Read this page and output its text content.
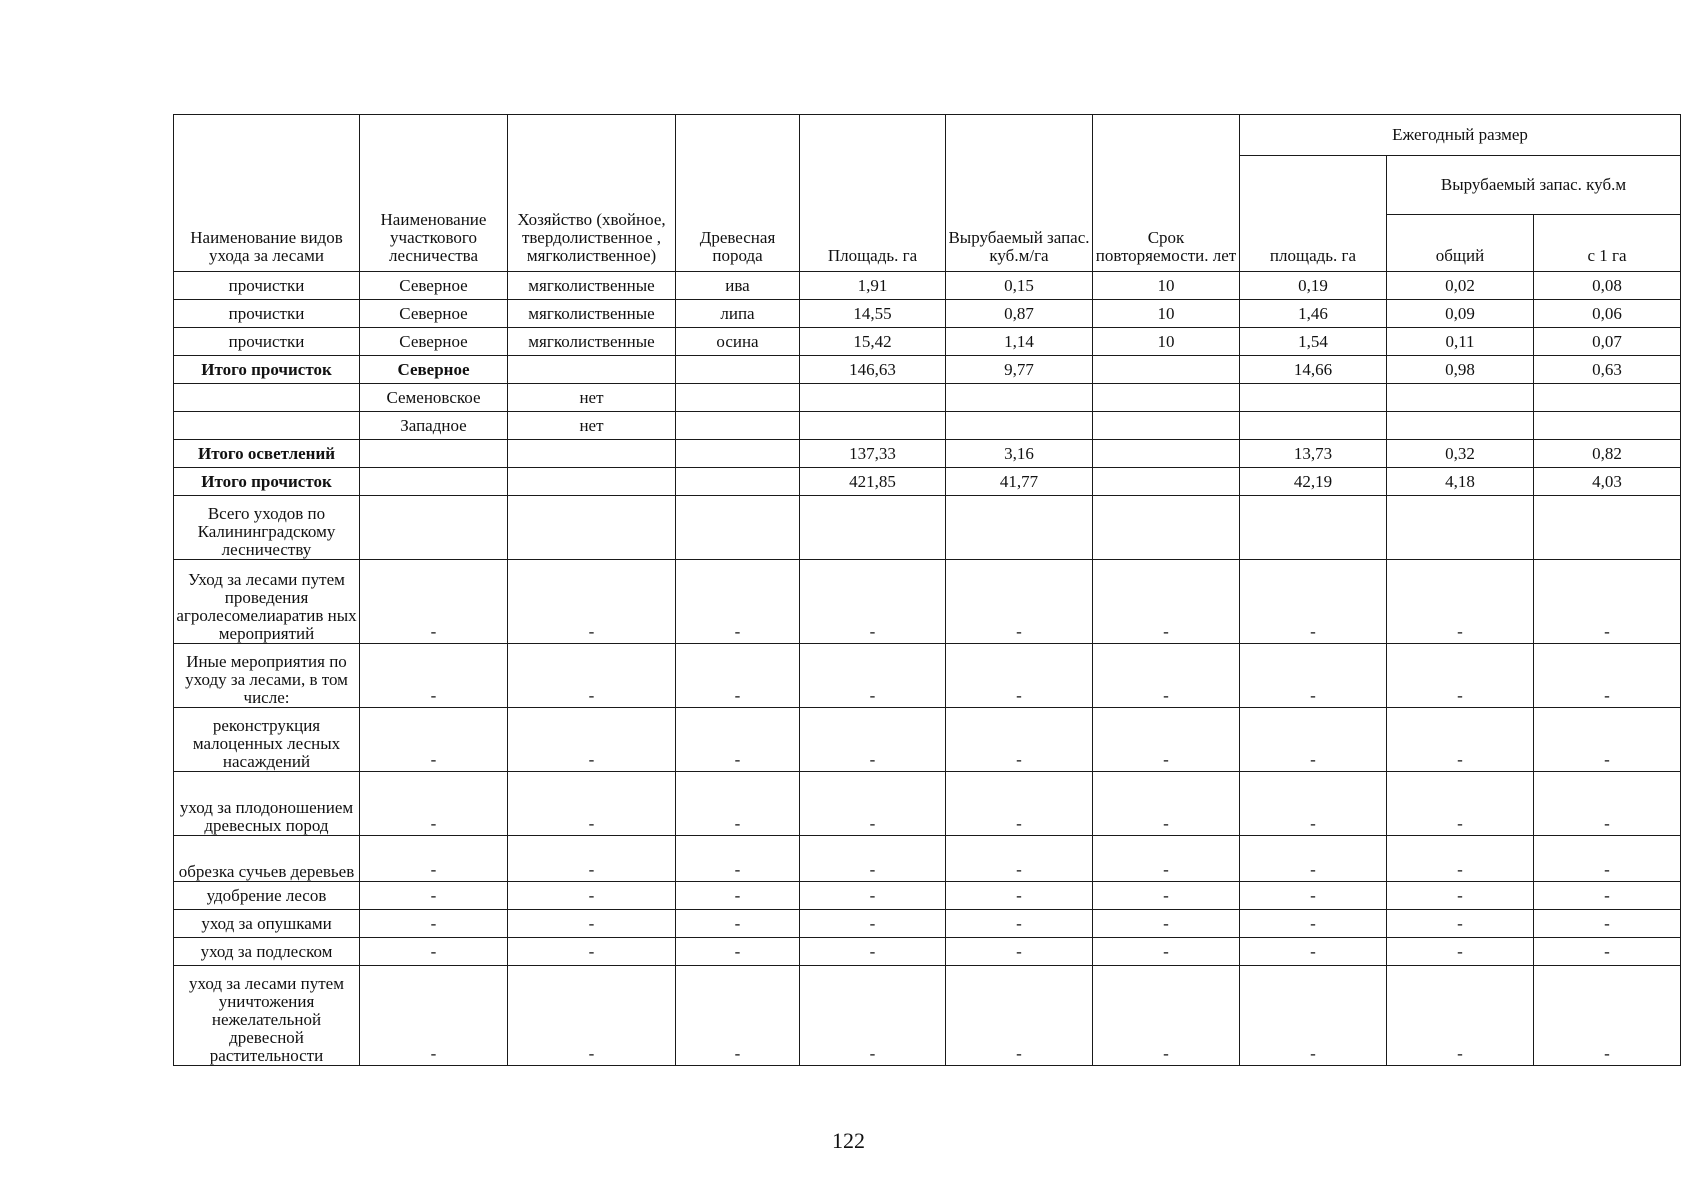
Наименование видов ухода за лесами	Наименование участкового лесничества	Хозяйство (хвойное, твердолиственное , мягколиственное)	Древесная порода	Площадь. га	Вырубаемый запас. куб.м/га	Срок повторяемости. лет	Ежегодный размер		
							площадь. га	Вырубаемый запас. куб.м	
								общий	с 1 га
прочистки	Северное	мягколиственные	ива	1,91	0,15	10	0,19	0,02	0,08
прочистки	Северное	мягколиственные	липа	14,55	0,87	10	1,46	0,09	0,06
прочистки	Северное	мягколиственные	осина	15,42	1,14	10	1,54	0,11	0,07
Итого прочисток	Северное			146,63	9,77		14,66	0,98	0,63
	Семеновское	нет							
	Западное	нет							
Итого осветлений				137,33	3,16		13,73	0,32	0,82
Итого прочисток				421,85	41,77		42,19	4,18	4,03
Всего уходов по Калининградскому лесничеству									
Уход за лесами путем проведения агролесомелиаратив ных мероприятий	-	-	-	-	-	-	-	-	-
Иные мероприятия по уходу за лесами, в том числе:	-	-	-	-	-	-	-	-	-
реконструкция малоценных лесных насаждений	-	-	-	-	-	-	-	-	-
уход за плодоношением древесных пород	-	-	-	-	-	-	-	-	-
обрезка сучьев деревьев	-	-	-	-	-	-	-	-	-
удобрение лесов	-	-	-	-	-	-	-	-	-
уход за опушками	-	-	-	-	-	-	-	-	-
уход за подлеском	-	-	-	-	-	-	-	-	-
уход за лесами путем уничтожения нежелательной древесной растительности	-	-	-	-	-	-	-	-	-
122
